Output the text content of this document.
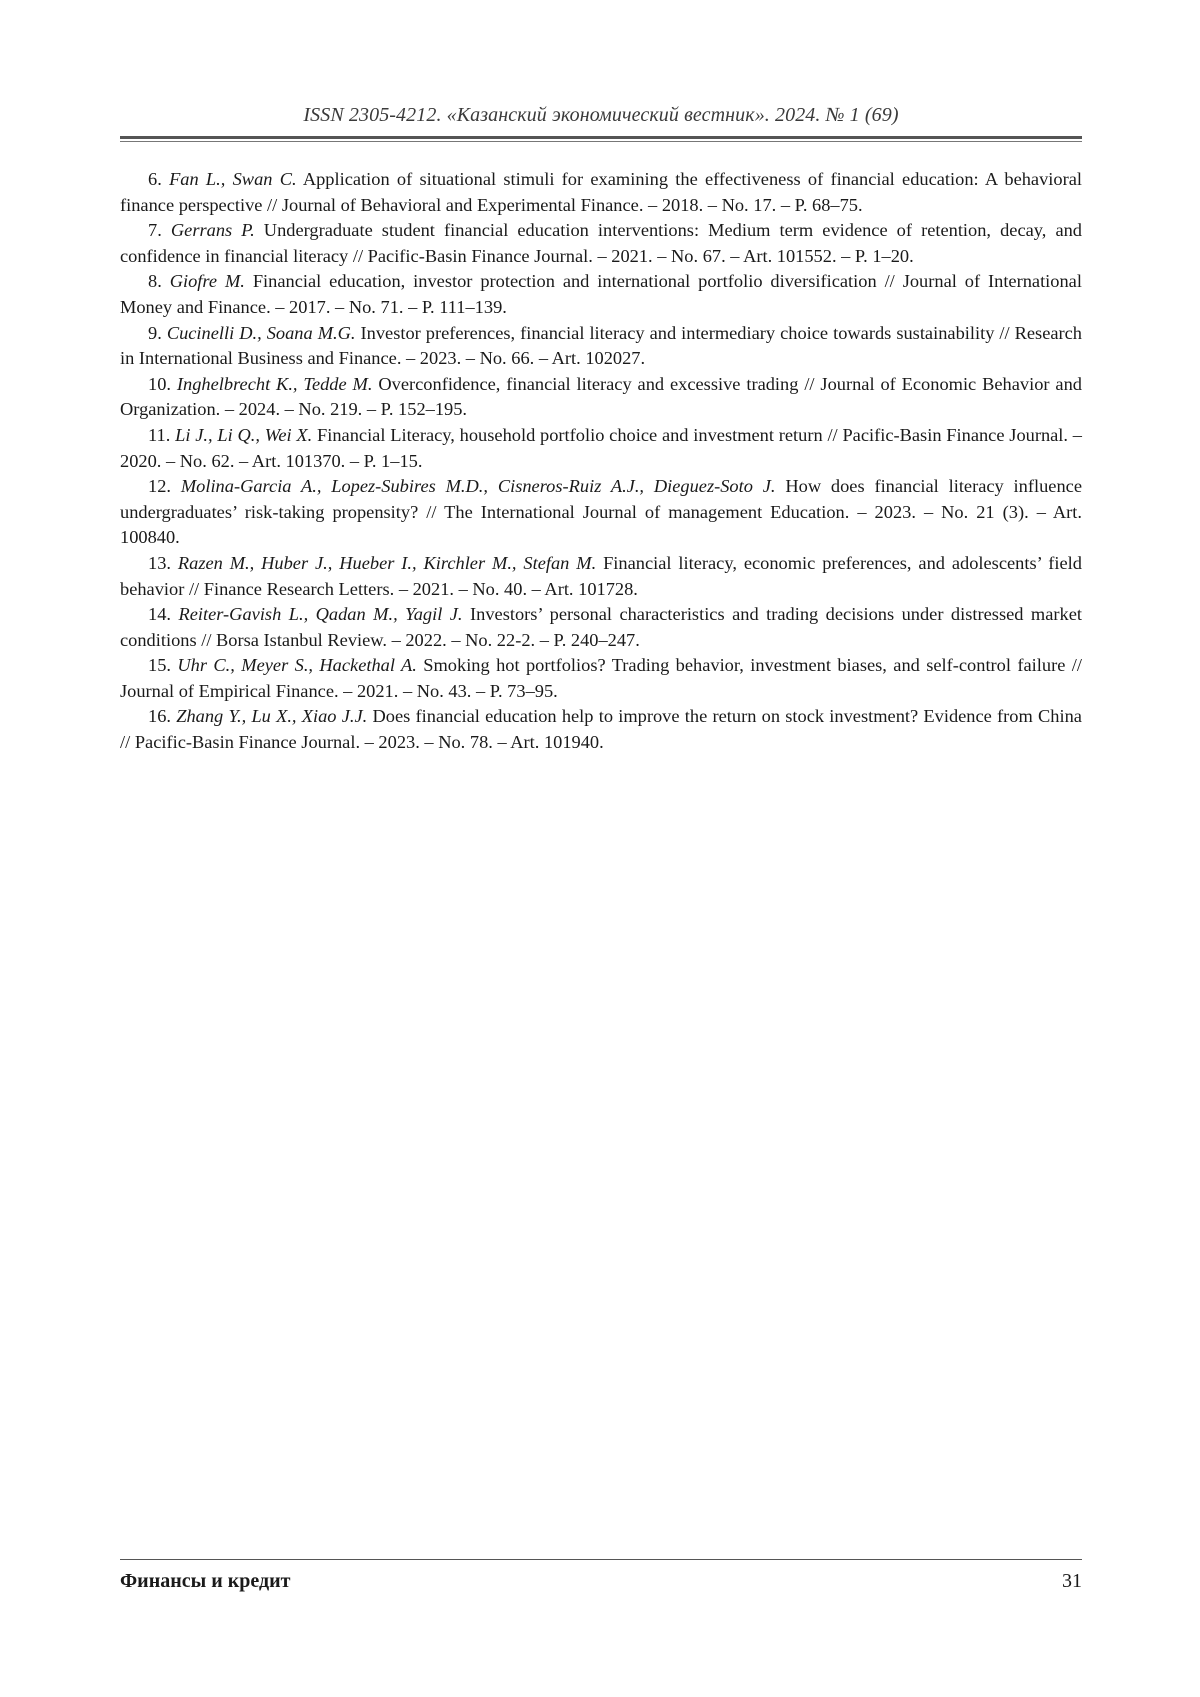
ISSN 2305-4212. «Казанский экономический вестник». 2024. № 1 (69)

6. Fan L., Swan C. Application of situational stimuli for examining the effectiveness of financial education: A behavioral finance perspective // Journal of Behavioral and Experimental Finance. – 2018. – No. 17. – P. 68–75.

7. Gerrans P. Undergraduate student financial education interventions: Medium term evidence of retention, decay, and confidence in financial literacy // Pacific-Basin Finance Journal. – 2021. – No. 67. – Art. 101552. – P. 1–20.

8. Giofre M. Financial education, investor protection and international portfolio diversification // Journal of International Money and Finance. – 2017. – No. 71. – P. 111–139.

9. Cucinelli D., Soana M.G. Investor preferences, financial literacy and intermediary choice towards sustainability // Research in International Business and Finance. – 2023. – No. 66. – Art. 102027.

10. Inghelbrecht K., Tedde M. Overconfidence, financial literacy and excessive trading // Journal of Economic Behavior and Organization. – 2024. – No. 219. – P. 152–195.

11. Li J., Li Q., Wei X. Financial Literacy, household portfolio choice and investment return // Pacific-Basin Finance Journal. – 2020. – No. 62. – Art. 101370. – P. 1–15.

12. Molina-Garcia A., Lopez-Subires M.D., Cisneros-Ruiz A.J., Dieguez-Soto J. How does financial literacy influence undergraduates’ risk-taking propensity? // The International Journal of management Education. – 2023. – No. 21 (3). – Art. 100840.

13. Razen M., Huber J., Hueber I., Kirchler M., Stefan M. Financial literacy, economic preferences, and adolescents’ field behavior // Finance Research Letters. – 2021. – No. 40. – Art. 101728.

14. Reiter-Gavish L., Qadan M., Yagil J. Investors’ personal characteristics and trading decisions under distressed market conditions // Borsa Istanbul Review. – 2022. – No. 22-2. – P. 240–247.

15. Uhr C., Meyer S., Hackethal A. Smoking hot portfolios? Trading behavior, investment biases, and self-control failure // Journal of Empirical Finance. – 2021. – No. 43. – P. 73–95.

16. Zhang Y., Lu X., Xiao J.J. Does financial education help to improve the return on stock investment? Evidence from China // Pacific-Basin Finance Journal. – 2023. – No. 78. – Art. 101940.

Финансы и кредит	31
